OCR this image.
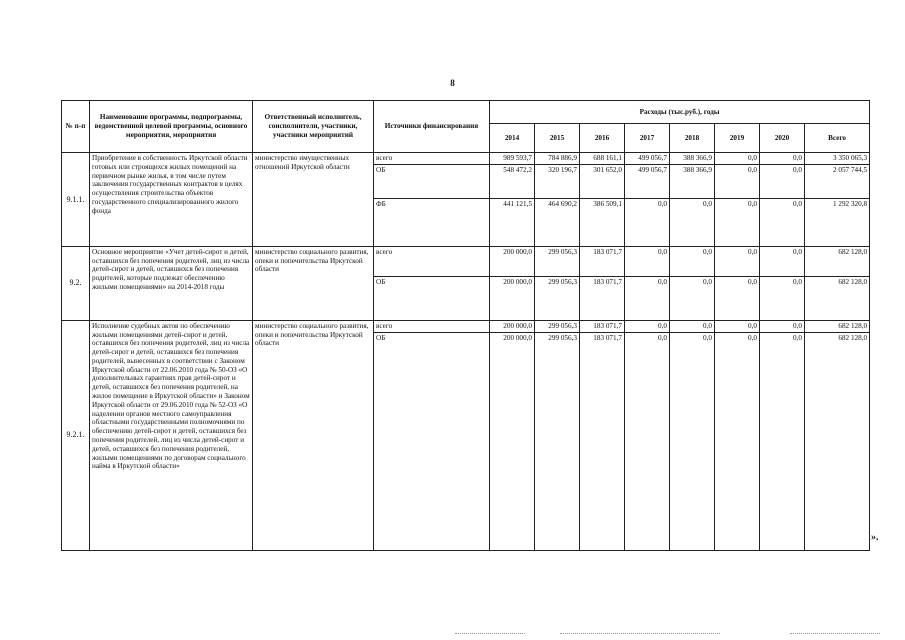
8
№ п-п	Наименование программы, подпрограммы, ведомственной целевой программы, основного мероприятия, мероприятия	Ответственный исполнитель, соисполнители, участники, участники мероприятий	Источники финансирования	Расходы (тыс.руб.), годы							
				2014	2015	2016	2017	2018	2019	2020	Всего
9.1.1.	Приобретение в собственность Иркутской области готовых или строящихся жилых помещений на первичном рынке жилья, в том числе путем заключения государственных контрактов в целях осуществления строительства объектов государственного специализированного жилого фонда	министерство имущественных отношений Иркутской области	всего	989 593,7	784 886,9	688 161,1	499 056,7	388 366,9	0,0	0,0	3 350 065,3
			ОБ	548 472,2	320 196,7	301 652,0	499 056,7	388 366,9	0,0	0,0	2 057 744,5
			ФБ	441 121,5	464 690,2	386 509,1	0,0	0,0	0,0	0,0	1 292 320,8
9.2.	Основное мероприятие «Учет детей-сирот и детей, оставшихся без попечения родителей, лиц из числа детей-сирот и детей, оставшихся без попечения родителей, которые подлежат обеспечению жилыми помещениями» на 2014-2018 годы	министерство социального развития, опеки и попечительства Иркутской области	всего	200 000,0	299 056,3	183 071,7	0,0	0,0	0,0	0,0	682 128,0
			ОБ	200 000,0	299 056,3	183 071,7	0,0	0,0	0,0	0,0	682 128,0
9.2.1.	Исполнение судебных актов по обеспечению жилыми помещениями детей-сирот и детей, оставшихся без попечения родителей, лиц из числа детей-сирот и детей, оставшихся без попечения родителей, вынесенных в соответствии с Законом Иркутской области от 22.06.2010 года № 50-ОЗ «О дополнительных гарантиях прав детей-сирот и детей, оставшихся без попечения родителей, на жилое помещение в Иркутской области» и Законом Иркутской области от 29.06.2010 года № 52-ОЗ «О наделении органов местного самоуправления областными государственными полномочиями по обеспечению детей-сирот и детей, оставшихся без попечения родителей, лиц из числа детей-сирот и детей, оставшихся без попечения родителей, жилыми помещениями по договорам социального найма в Иркутской области»	министерство социального развития, опеки и попечительства Иркутской области	всего	200 000,0	299 056,3	183 071,7	0,0	0,0	0,0	0,0	682 128,0
			ОБ	200 000,0	299 056,3	183 071,7	0,0	0,0	0,0	0,0	682 128,0
».
